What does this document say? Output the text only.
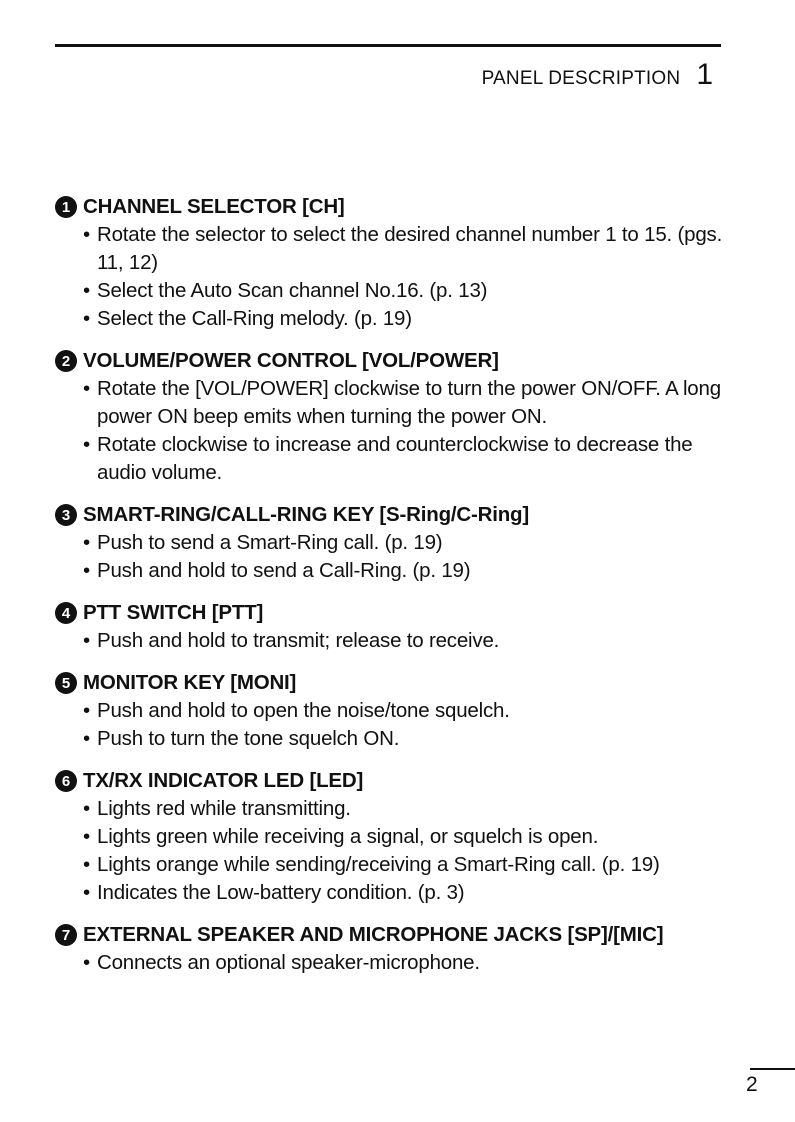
PANEL DESCRIPTION 1
1 CHANNEL SELECTOR [CH]
• Rotate the selector to select the desired channel number 1 to 15. (pgs. 11, 12)
• Select the Auto Scan channel No.16. (p. 13)
• Select the Call-Ring melody. (p. 19)
2 VOLUME/POWER CONTROL [VOL/POWER]
• Rotate the [VOL/POWER] clockwise to turn the power ON/OFF. A long power ON beep emits when turning the power ON.
• Rotate clockwise to increase and counterclockwise to decrease the audio volume.
3 SMART-RING/CALL-RING KEY [S-Ring/C-Ring]
• Push to send a Smart-Ring call. (p. 19)
• Push and hold to send a Call-Ring. (p. 19)
4 PTT SWITCH [PTT]
• Push and hold to transmit; release to receive.
5 MONITOR KEY [MONI]
• Push and hold to open the noise/tone squelch.
• Push to turn the tone squelch ON.
6 TX/RX INDICATOR LED [LED]
• Lights red while transmitting.
• Lights green while receiving a signal, or squelch is open.
• Lights orange while sending/receiving a Smart-Ring call. (p. 19)
• Indicates the Low-battery condition. (p. 3)
7 EXTERNAL SPEAKER AND MICROPHONE JACKS [SP]/[MIC]
• Connects an optional speaker-microphone.
2
